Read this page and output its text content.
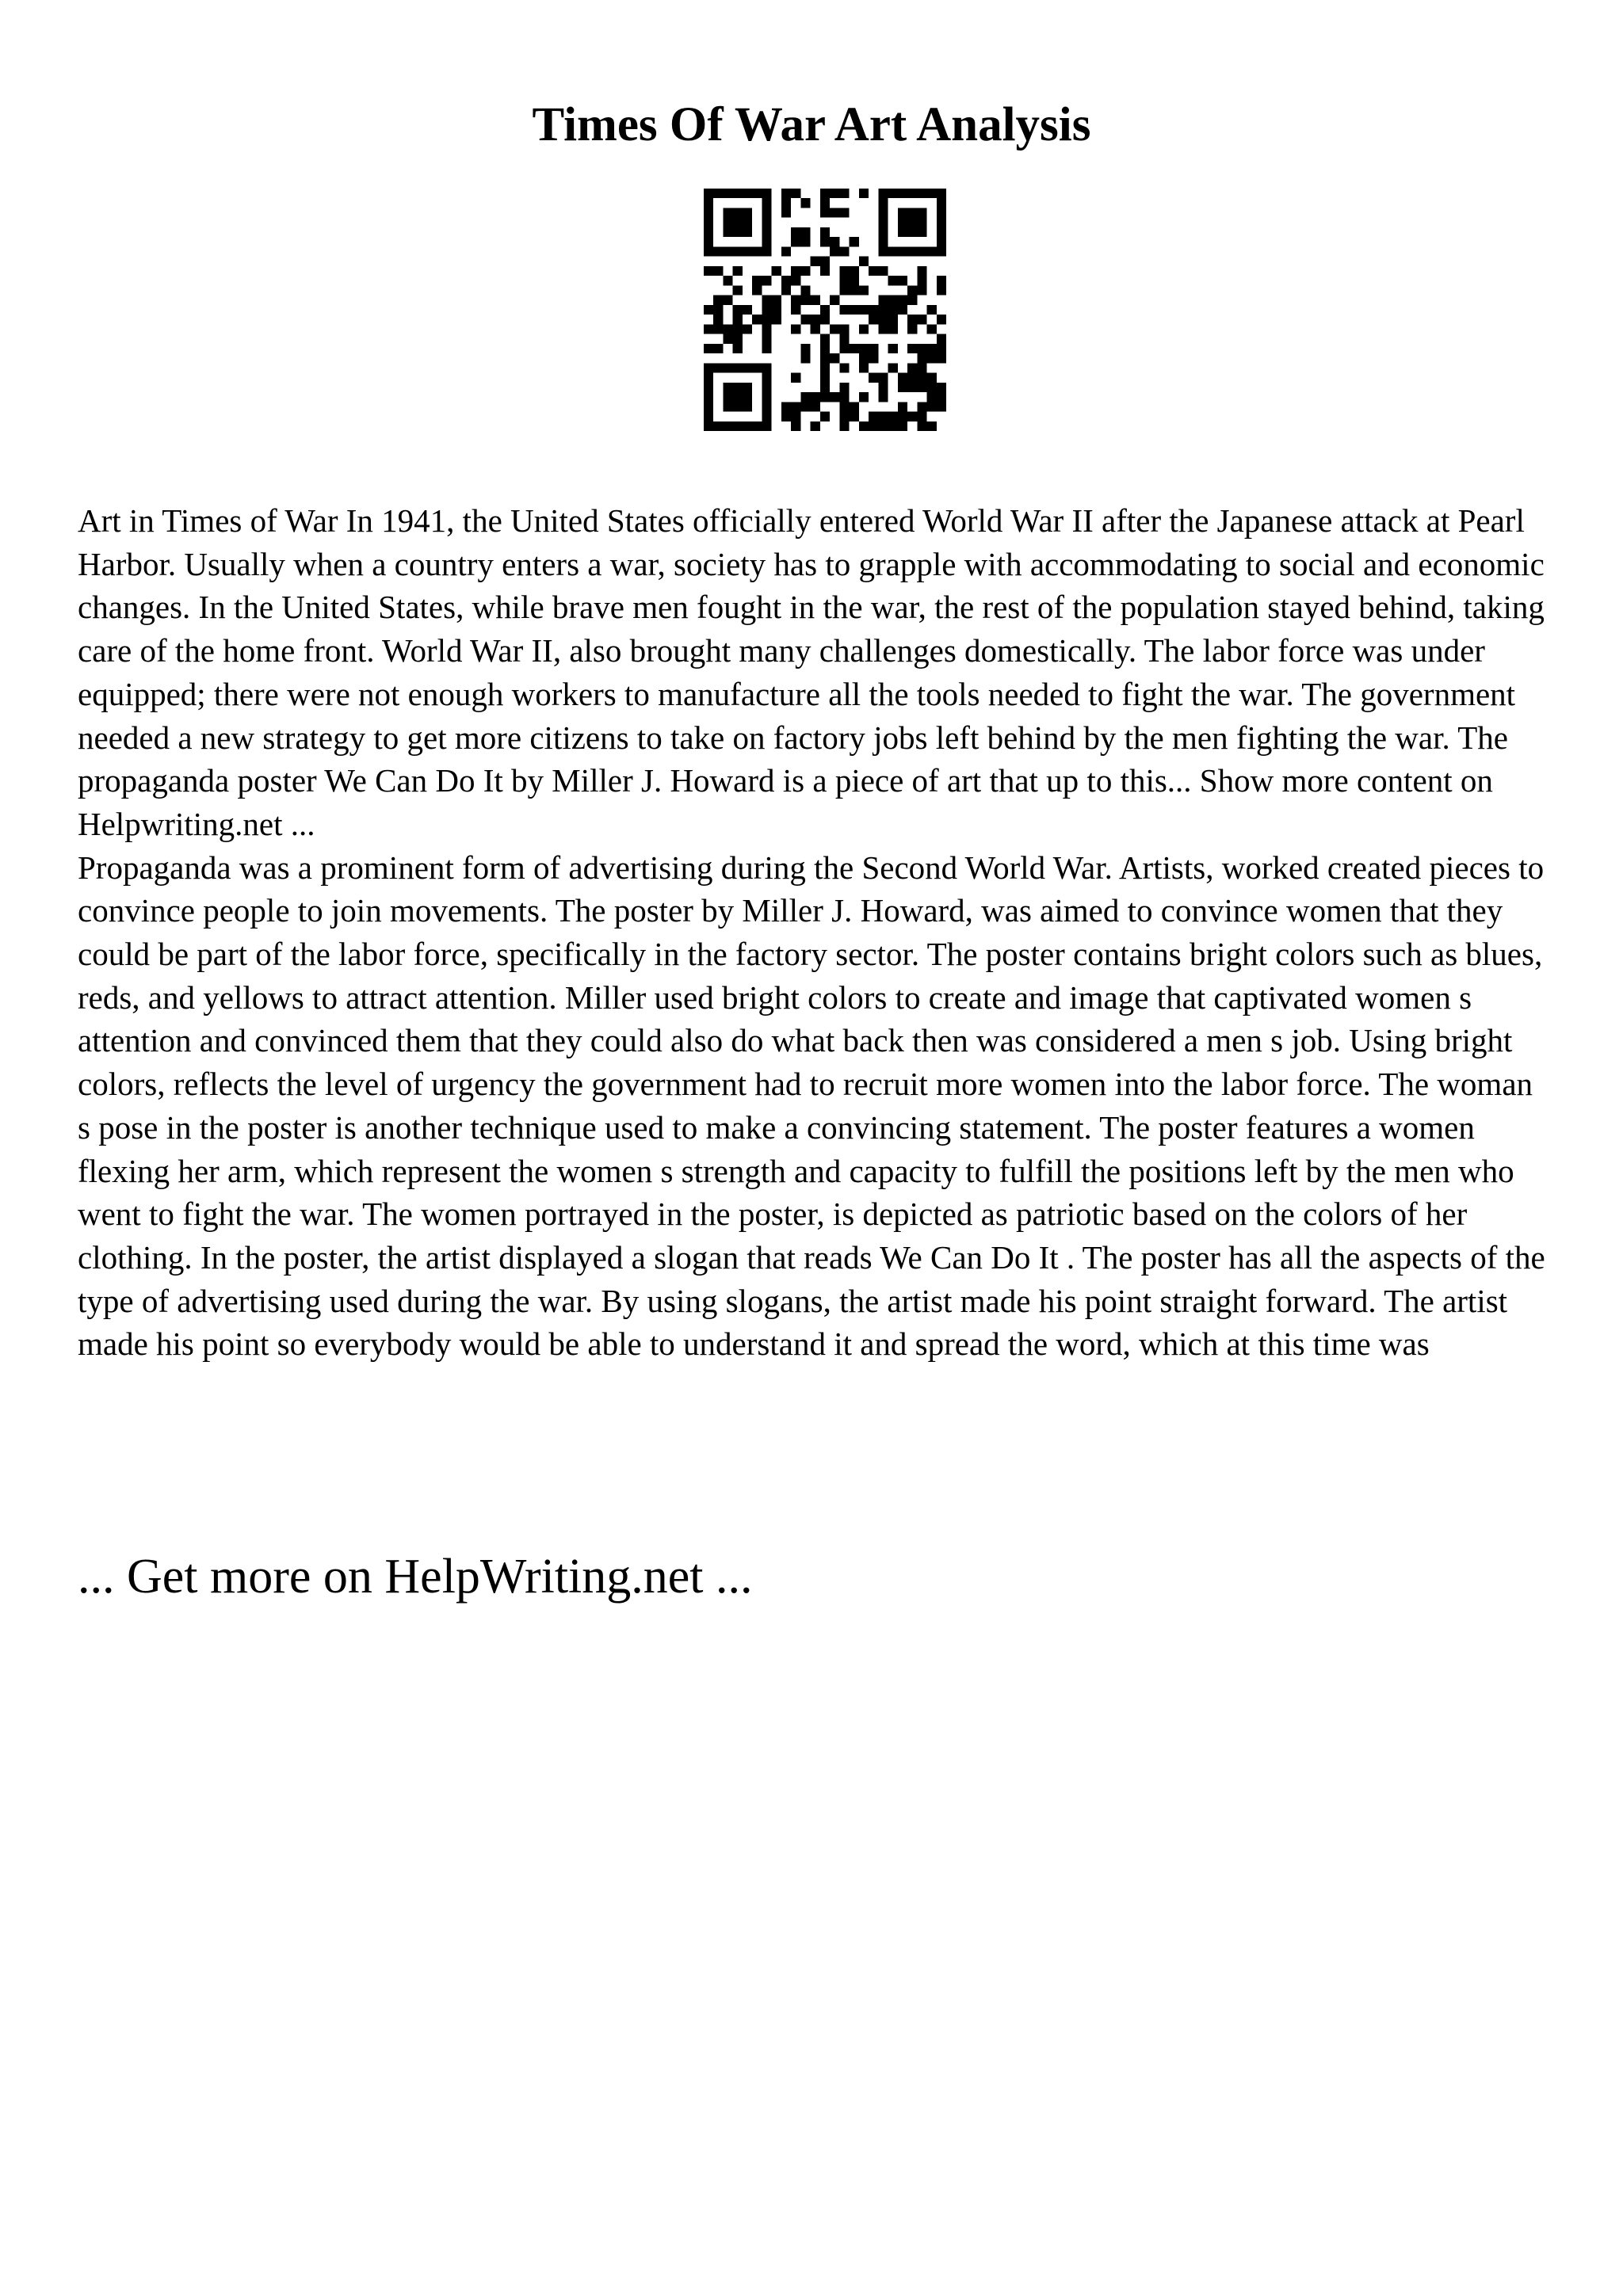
Times Of War Art Analysis

Art in Times of War In 1941, the United States officially entered World War II after the Japanese attack at Pearl Harbor. Usually when a country enters a war, society has to grapple with accommodating to social and economic changes. In the United States, while brave men fought in the war, the rest of the population stayed behind, taking care of the home front. World War II, also brought many challenges domestically. The labor force was under equipped; there were not enough workers to manufacture all the tools needed to fight the war. The government needed a new strategy to get more citizens to take on factory jobs left behind by the men fighting the war. The propaganda poster We Can Do It by Miller J. Howard is a piece of art that up to this... Show more content on Helpwriting.net ...

Propaganda was a prominent form of advertising during the Second World War. Artists, worked created pieces to convince people to join movements. The poster by Miller J. Howard, was aimed to convince women that they could be part of the labor force, specifically in the factory sector. The poster contains bright colors such as blues, reds, and yellows to attract attention. Miller used bright colors to create and image that captivated women s attention and convinced them that they could also do what back then was considered a men s job. Using bright colors, reflects the level of urgency the government had to recruit more women into the labor force. The woman s pose in the poster is another technique used to make a convincing statement. The poster features a women flexing her arm, which represent the women s strength and capacity to fulfill the positions left by the men who went to fight the war. The women portrayed in the poster, is depicted as patriotic based on the colors of her clothing. In the poster, the artist displayed a slogan that reads We Can Do It . The poster has all the aspects of the type of advertising used during the war. By using slogans, the artist made his point straight forward. The artist made his point so everybody would be able to understand it and spread the word, which at this time was

... Get more on HelpWriting.net ...
